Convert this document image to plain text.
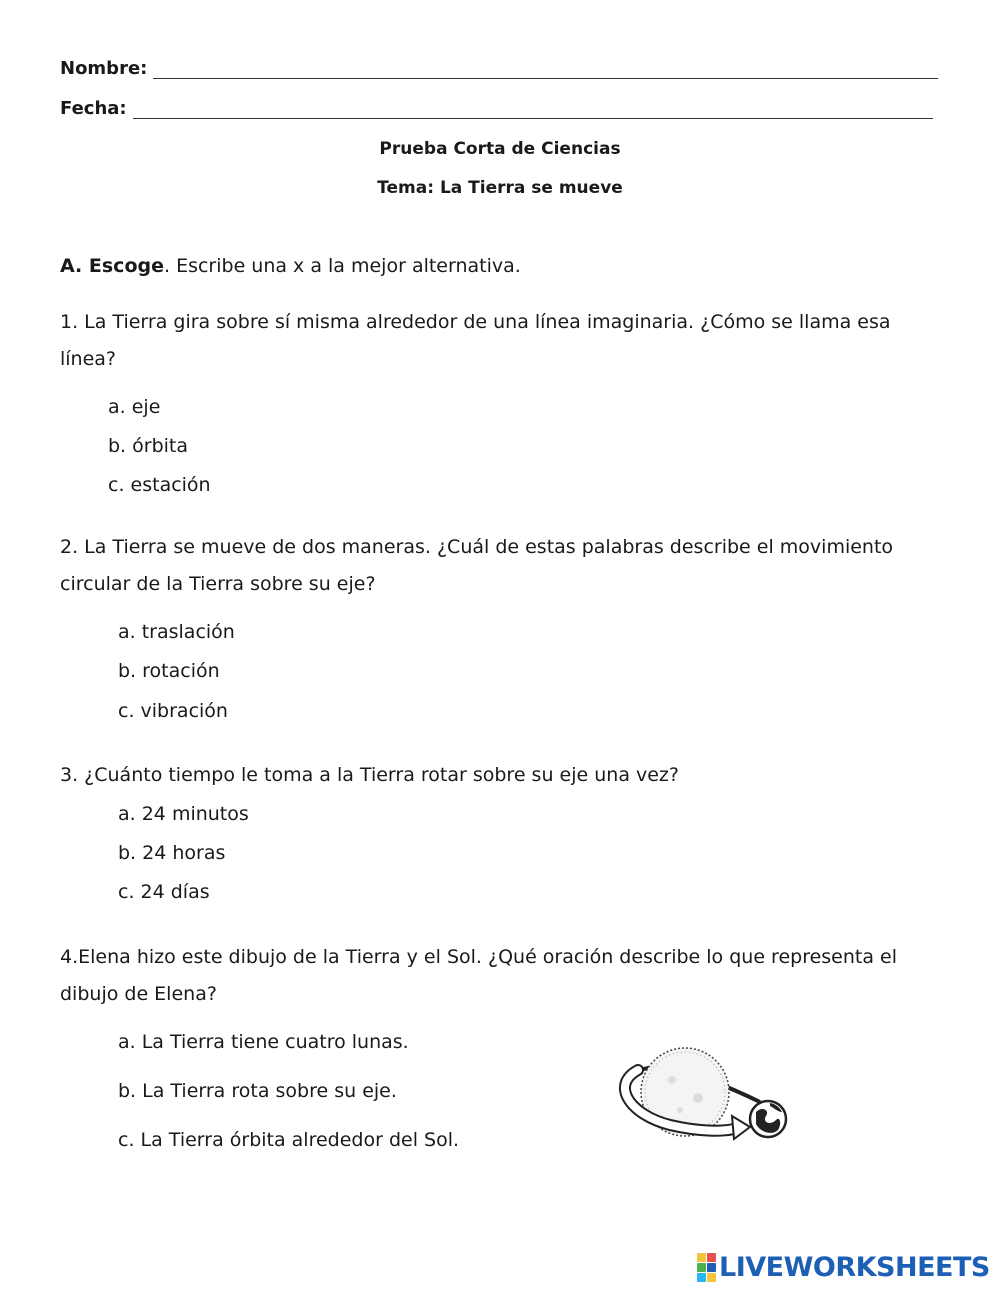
Nombre:
Fecha:
Prueba Corta de Ciencias
Tema: La Tierra se mueve
A. Escoge. Escribe una x a la mejor alternativa.
1. La Tierra gira sobre sí misma alrededor de una línea imaginaria. ¿Cómo se llama esa
línea?
a. eje
b. órbita
c. estación
2. La Tierra se mueve de dos maneras. ¿Cuál de estas palabras describe el movimiento
circular de la Tierra sobre su eje?
a. traslación
b. rotación
c. vibración
3. ¿Cuánto tiempo le toma a la Tierra rotar sobre su eje una vez?
a. 24 minutos
b. 24 horas
c. 24 días
4.Elena hizo este dibujo de la Tierra y el Sol. ¿Qué oración describe lo que representa el
dibujo de Elena?
a. La Tierra tiene cuatro lunas.
b. La Tierra rota sobre su eje.
c. La Tierra órbita alrededor del Sol.
LIVEWORKSHEETS
